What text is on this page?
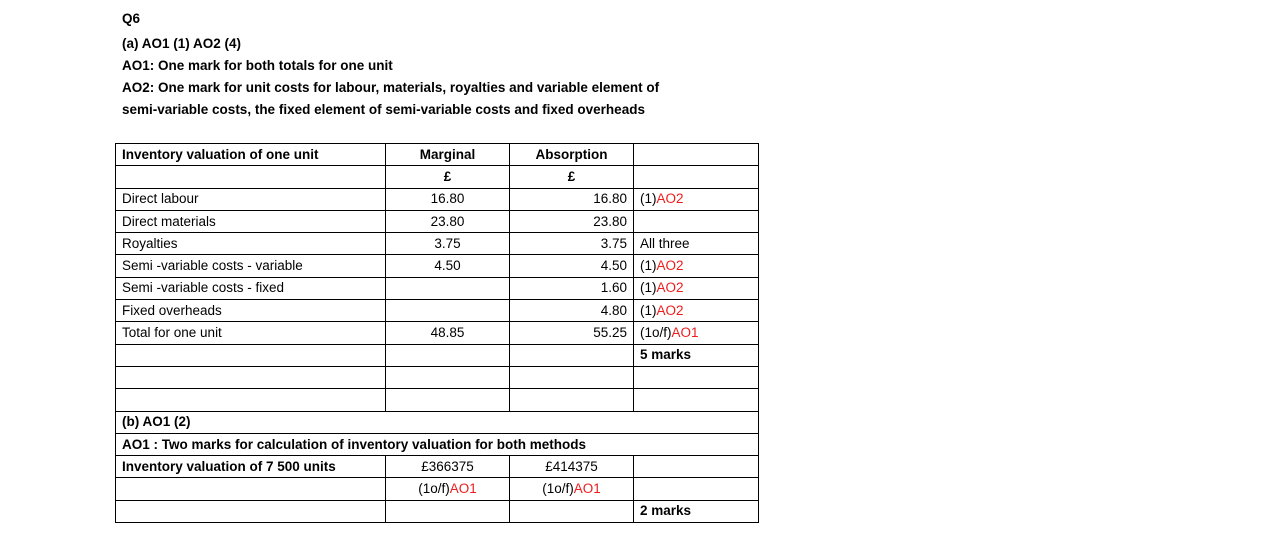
Q6
(a) AO1 (1) AO2 (4)
AO1: One mark for both totals for one unit
AO2: One mark for unit costs for labour, materials, royalties and variable element of
semi-variable costs, the fixed element of semi-variable costs and fixed overheads
Inventory valuation of one unit	Marginal	Absorption	
	£	£	
Direct labour	16.80	16.80	(1)AO2
Direct materials	23.80	23.80	
Royalties	3.75	3.75	All three
Semi -variable costs - variable	4.50	4.50	(1)AO2
Semi -variable costs - fixed		1.60	(1)AO2
Fixed overheads		4.80	(1)AO2
Total for one unit	48.85	55.25	(1o/f)AO1
			5 marks

(b) AO1 (2)			
AO1 : Two marks for calculation of inventory valuation for both methods			
Inventory valuation of 7 500 units	£366375	£414375	
	(1o/f)AO1	(1o/f)AO1	
			2 marks
